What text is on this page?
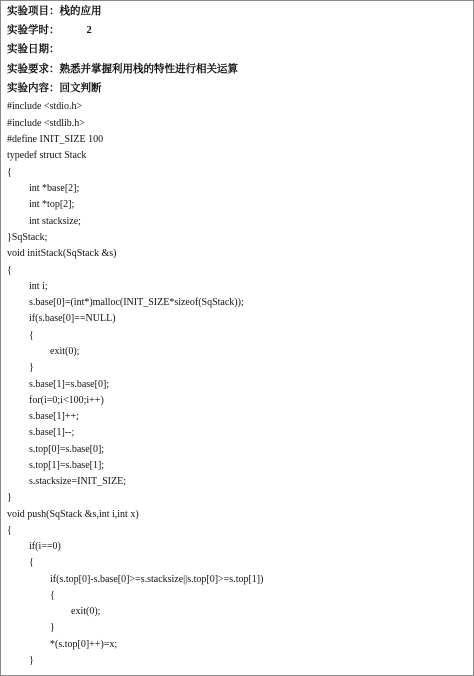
实验项目：栈的应用
实验学时：	2
实验日期：
实验要求：熟悉并掌握利用栈的特性进行相关运算
实验内容：回文判断
#include <stdio.h>
#include <stdlib.h>
#define INIT_SIZE 100
typedef struct Stack
{
int *base[2];
int *top[2];
int stacksize;
}SqStack;
void initStack(SqStack &s)
{
int i;
s.base[0]=(int*)malloc(INIT_SIZE*sizeof(SqStack));
if(s.base[0]==NULL)
{
exit(0);
}
s.base[1]=s.base[0];
for(i=0;i<100;i++)
s.base[1]++;
s.base[1]--;
s.top[0]=s.base[0];
s.top[1]=s.base[1];
s.stacksize=INIT_SIZE;
}
void push(SqStack &s,int i,int x)
{
if(i==0)
{
if(s.top[0]-s.base[0]>=s.stacksize||s.top[0]>=s.top[1])
{
exit(0);
}
*(s.top[0]++)=x;
}
